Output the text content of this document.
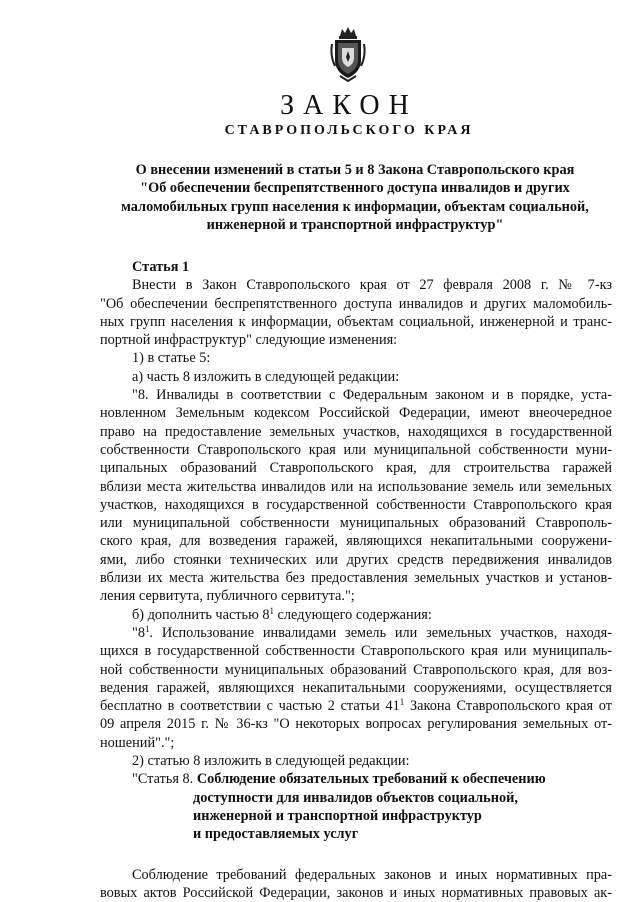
ЗАКОН
СТАВРОПОЛЬСКОГО КРАЯ
О внесении изменений в статьи 5 и 8 Закона Ставропольского края
"Об обеспечении беспрепятственного доступа инвалидов и других
маломобильных групп населения к информации, объектам социальной,
инженерной и транспортной инфраструктур"
Статья 1
Внести в Закон Ставропольского края от 27 февраля 2008 г. № 7-кз
"Об обеспечении беспрепятственного доступа инвалидов и других маломобиль-
ных групп населения к информации, объектам социальной, инженерной и транс-
портной инфраструктур" следующие изменения:
1) в статье 5:
а) часть 8 изложить в следующей редакции:
"8. Инвалиды в соответствии с Федеральным законом и в порядке, уста-
новленном Земельным кодексом Российской Федерации, имеют внеочередное
право на предоставление земельных участков, находящихся в государственной
собственности Ставропольского края или муниципальной собственности муни-
ципальных образований Ставропольского края, для строительства гаражей
вблизи места жительства инвалидов или на использование земель или земельных
участков, находящихся в государственной собственности Ставропольского края
или муниципальной собственности муниципальных образований Ставрополь-
ского края, для возведения гаражей, являющихся некапитальными сооружени-
ями, либо стоянки технических или других средств передвижения инвалидов
вблизи их места жительства без предоставления земельных участков и установ-
ления сервитута, публичного сервитута.";
б) дополнить частью $8^1$ следующего содержания:
"$8^1$. Использование инвалидами земель или земельных участков, находя-
щихся в государственной собственности Ставропольского края или муниципаль-
ной собственности муниципальных образований Ставропольского края, для воз-
ведения гаражей, являющихся некапитальными сооружениями, осуществляется
бесплатно в соответствии с частью 2 статьи $41^1$ Закона Ставропольского края от
09 апреля 2015 г. № 36-кз "О некоторых вопросах регулирования земельных от-
ношений".";
2) статью 8 изложить в следующей редакции:
"Статья 8. Соблюдение обязательных требований к обеспечению
доступности для инвалидов объектов социальной,
инженерной и транспортной инфраструктур
и предоставляемых услуг
Соблюдение требований федеральных законов и иных нормативных пра-
вовых актов Российской Федерации, законов и иных нормативных правовых ак-
